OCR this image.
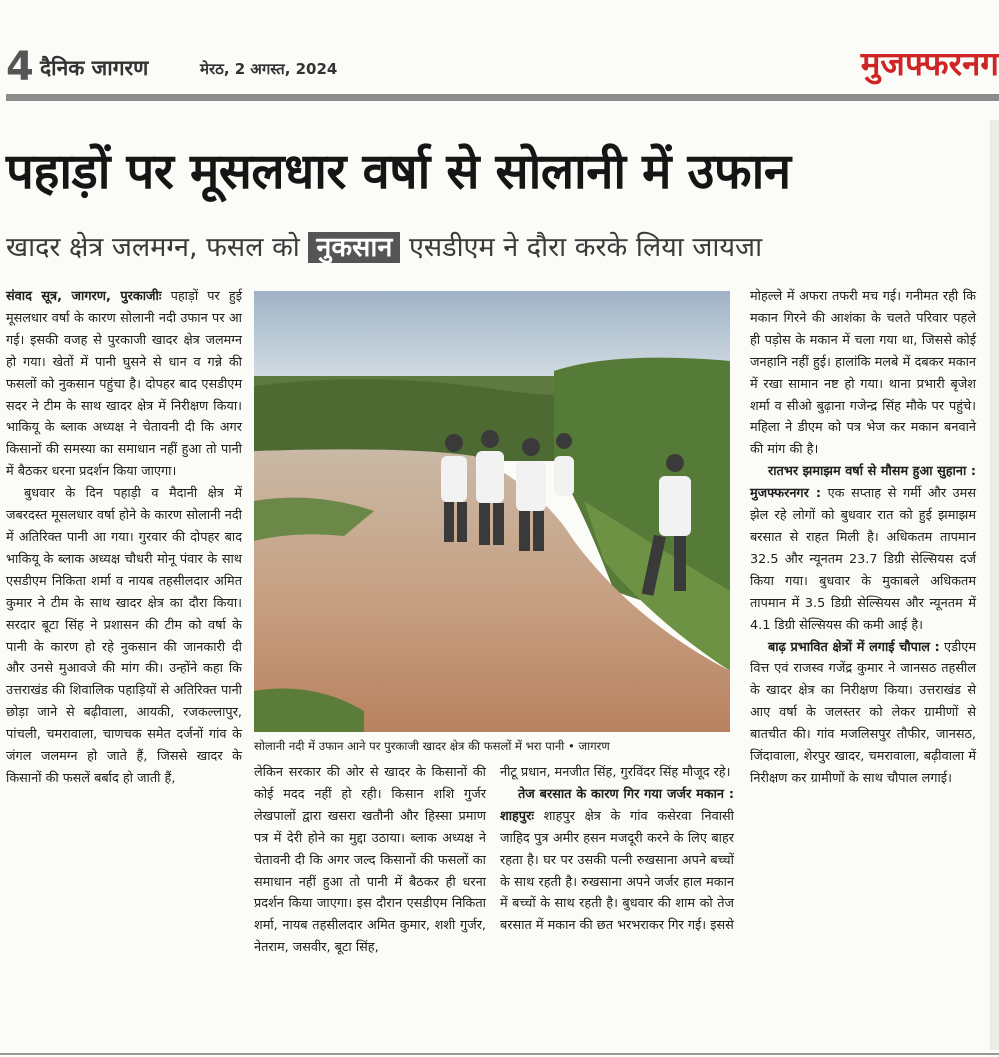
4 दैनिक जागरण	मेरठ, 2 अगस्त, 2024	मुजफ्फरनग
पहाड़ों पर मूसलधार वर्षा से सोलानी में उफान
खादर क्षेत्र जलमग्न, फसल को नुकसान एसडीएम ने दौरा करके लिया जायजा

संवाद सूत्र, जागरण, पुरकाजीः पहाड़ों पर हुई मूसलधार वर्षा के कारण सोलानी नदी उफान पर आ गई। इसकी वजह से पुरकाजी खादर क्षेत्र जलमग्न हो गया। खेतों में पानी घुसने से धान व गन्ने की फसलों को नुकसान पहुंचा है। दोपहर बाद एसडीएम सदर ने टीम के साथ खादर क्षेत्र में निरीक्षण किया। भाकियू के ब्लाक अध्यक्ष ने चेतावनी दी कि अगर किसानों की समस्या का समाधान नहीं हुआ तो पानी में बैठकर धरना प्रदर्शन किया जाएगा।

बुधवार के दिन पहाड़ी व मैदानी क्षेत्र में जबरदस्त मूसलधार वर्षा होने के कारण सोलानी नदी में अतिरिक्त पानी आ गया। गुरवार की दोपहर बाद भाकियू के ब्लाक अध्यक्ष चौधरी मोनू पंवार के साथ एसडीएम निकिता शर्मा व नायब तहसीलदार अमित कुमार ने टीम के साथ खादर क्षेत्र का दौरा किया। सरदार बूटा सिंह ने प्रशासन की टीम को वर्षा के पानी के कारण हो रहे नुकसान की जानकारी दी और उनसे मुआवजे की मांग की। उन्होंने कहा कि उत्तराखंड की शिवालिक पहाड़ियों से अतिरिक्त पानी छोड़ा जाने से बढ़ीवाला, आयकी, रजकल्लापुर, पांचली, चमरावाला, चाणचक समेत दर्जनों गांव के जंगल जलमग्न हो जाते हैं, जिससे खादर के किसानों की फसलें बर्बाद हो जाती हैं,

सोलानी नदी में उफान आने पर पुरकाजी खादर क्षेत्र की फसलों में भरा पानी • जागरण

लेकिन सरकार की ओर से खादर के किसानों की कोई मदद नहीं हो रही। किसान शशि गुर्जर लेखपालों द्वारा खसरा खतौनी और हिस्सा प्रमाण पत्र में देरी होने का मुद्दा उठाया। ब्लाक अध्यक्ष ने चेतावनी दी कि अगर जल्द किसानों की फसलों का समाधान नहीं हुआ तो पानी में बैठकर ही धरना प्रदर्शन किया जाएगा। इस दौरान एसडीएम निकिता शर्मा, नायब तहसीलदार अमित कुमार, शशी गुर्जर, नेतराम, जसवीर, बूटा सिंह,

नीटू प्रधान, मनजीत सिंह, गुरविंदर सिंह मौजूद रहे।

तेज बरसात के कारण गिर गया जर्जर मकान : शाहपुरः शाहपुर क्षेत्र के गांव कसेरवा निवासी जाहिद पुत्र अमीर हसन मजदूरी करने के लिए बाहर रहता है। घर पर उसकी पत्नी रुखसाना अपने बच्चों के साथ रहती है। रुखसाना अपने जर्जर हाल मकान में बच्चों के साथ रहती है। बुधवार की शाम को तेज बरसात में मकान की छत भरभराकर गिर गई। इससे

मोहल्ले में अफरा तफरी मच गई। गनीमत रही कि मकान गिरने की आशंका के चलते परिवार पहले ही पड़ोस के मकान में चला गया था, जिससे कोई जनहानि नहीं हुई। हालांकि मलबे में दबकर मकान में रखा सामान नष्ट हो गया। थाना प्रभारी बृजेश शर्मा व सीओ बुढ़ाना गजेन्द्र सिंह मौके पर पहुंचे। महिला ने डीएम को पत्र भेज कर मकान बनवाने की मांग की है।

रातभर झमाझम वर्षा से मौसम हुआ सुहाना : मुजफ्फरनगर : एक सप्ताह से गर्मी और उमस झेल रहे लोगों को बुधवार रात को हुई झमाझम बरसात से राहत मिली है। अधिकतम तापमान 32.5 और न्यूनतम 23.7 डिग्री सेल्सियस दर्ज किया गया। बुधवार के मुकाबले अधिकतम तापमान में 3.5 डिग्री सेल्सियस और न्यूनतम में 4.1 डिग्री सेल्सियस की कमी आई है।

बाढ़ प्रभावित क्षेत्रों में लगाई चौपाल : एडीएम वित्त एवं राजस्व गजेंद्र कुमार ने जानसठ तहसील के खादर क्षेत्र का निरीक्षण किया। उत्तराखंड से आए वर्षा के जलस्तर को लेकर ग्रामीणों से बातचीत की। गांव मजलिसपुर तौफीर, जानसठ, जिंदावाला, शेरपुर खादर, चमरावाला, बढ़ीवाला में निरीक्षण कर ग्रामीणों के साथ चौपाल लगाई।
